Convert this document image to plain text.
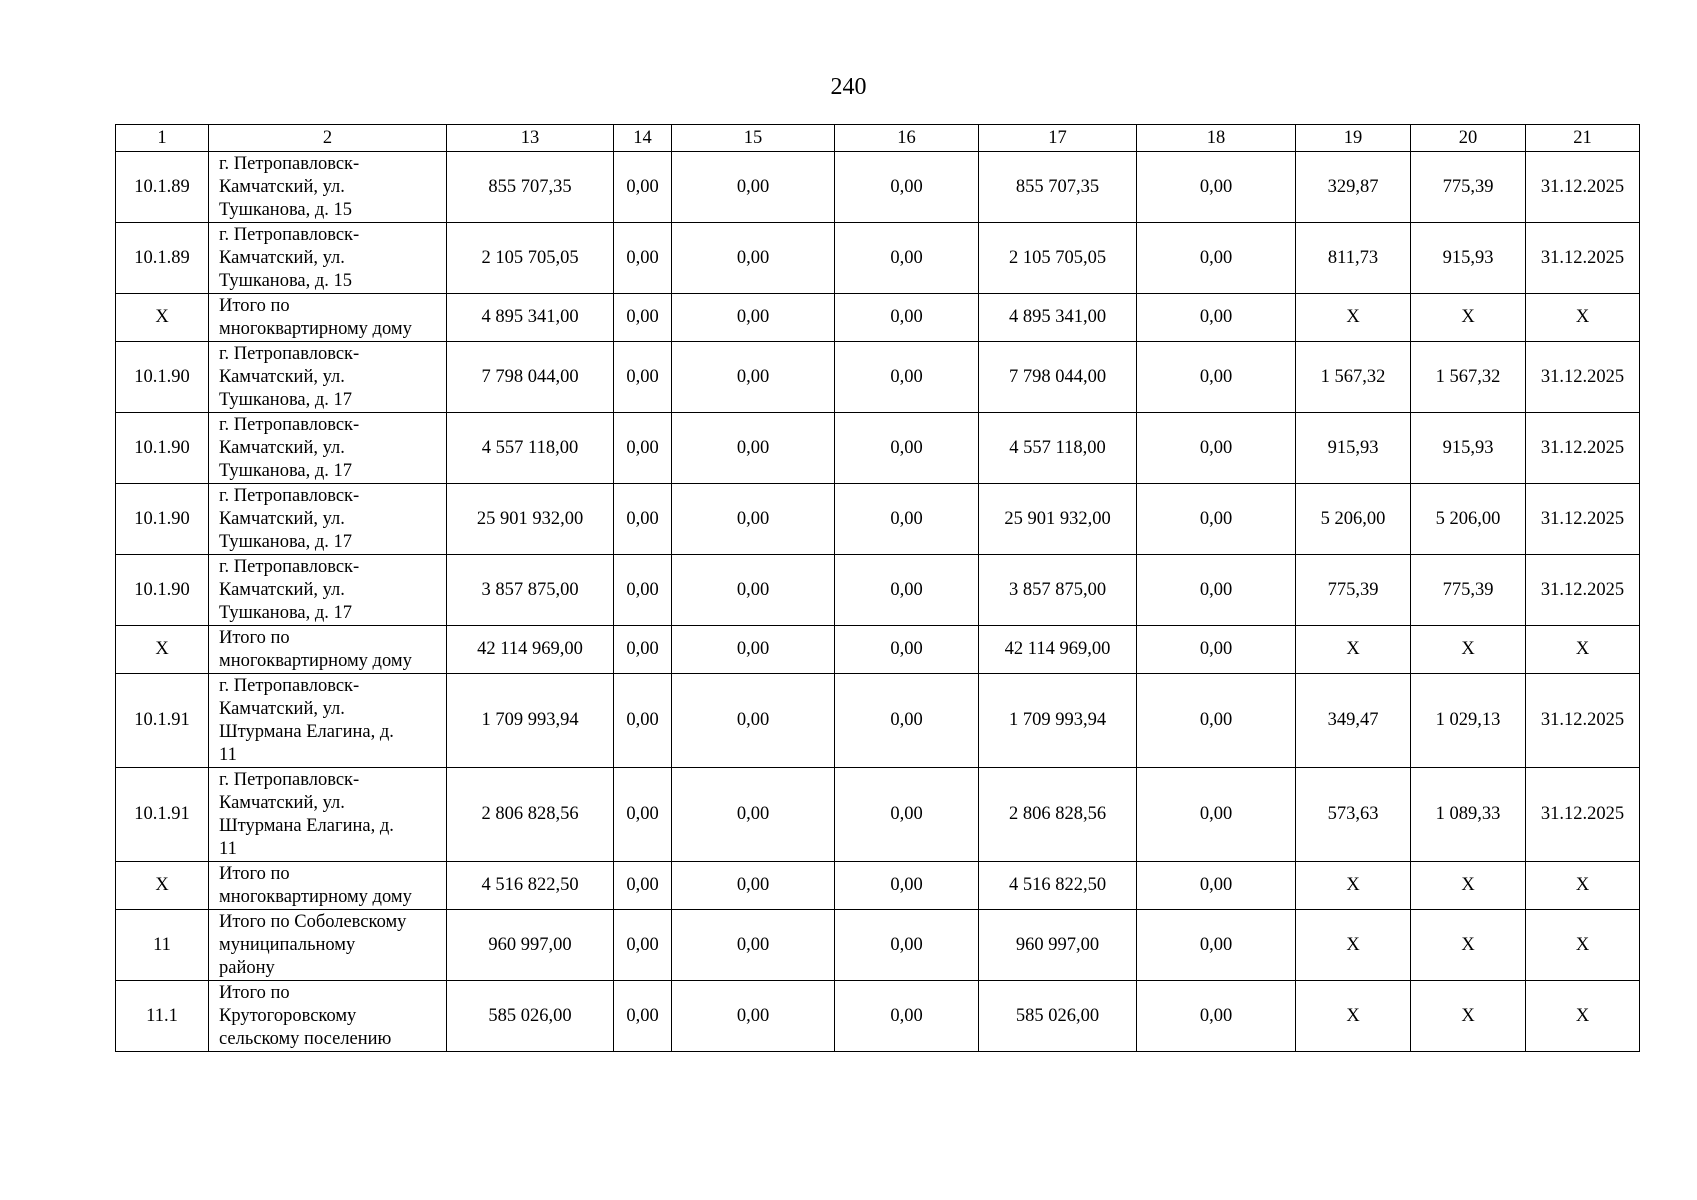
240
1	2	13	14	15	16	17	18	19	20	21
10.1.89	г. Петропавловск-
Камчатский, ул.
Тушканова, д. 15	855 707,35	0,00	0,00	0,00	855 707,35	0,00	329,87	775,39	31.12.2025
10.1.89	г. Петропавловск-
Камчатский, ул.
Тушканова, д. 15	2 105 705,05	0,00	0,00	0,00	2 105 705,05	0,00	811,73	915,93	31.12.2025
Х	Итого по
многоквартирному дому	4 895 341,00	0,00	0,00	0,00	4 895 341,00	0,00	Х	Х	Х
10.1.90	г. Петропавловск-
Камчатский, ул.
Тушканова, д. 17	7 798 044,00	0,00	0,00	0,00	7 798 044,00	0,00	1 567,32	1 567,32	31.12.2025
10.1.90	г. Петропавловск-
Камчатский, ул.
Тушканова, д. 17	4 557 118,00	0,00	0,00	0,00	4 557 118,00	0,00	915,93	915,93	31.12.2025
10.1.90	г. Петропавловск-
Камчатский, ул.
Тушканова, д. 17	25 901 932,00	0,00	0,00	0,00	25 901 932,00	0,00	5 206,00	5 206,00	31.12.2025
10.1.90	г. Петропавловск-
Камчатский, ул.
Тушканова, д. 17	3 857 875,00	0,00	0,00	0,00	3 857 875,00	0,00	775,39	775,39	31.12.2025
Х	Итого по
многоквартирному дому	42 114 969,00	0,00	0,00	0,00	42 114 969,00	0,00	Х	Х	Х
10.1.91	г. Петропавловск-
Камчатский, ул.
Штурмана Елагина, д.
11	1 709 993,94	0,00	0,00	0,00	1 709 993,94	0,00	349,47	1 029,13	31.12.2025
10.1.91	г. Петропавловск-
Камчатский, ул.
Штурмана Елагина, д.
11	2 806 828,56	0,00	0,00	0,00	2 806 828,56	0,00	573,63	1 089,33	31.12.2025
Х	Итого по
многоквартирному дому	4 516 822,50	0,00	0,00	0,00	4 516 822,50	0,00	Х	Х	Х
11	Итого по Соболевскому
муниципальному
району	960 997,00	0,00	0,00	0,00	960 997,00	0,00	Х	Х	Х
11.1	Итого по
Крутогоровскому
сельскому поселению	585 026,00	0,00	0,00	0,00	585 026,00	0,00	Х	Х	Х
